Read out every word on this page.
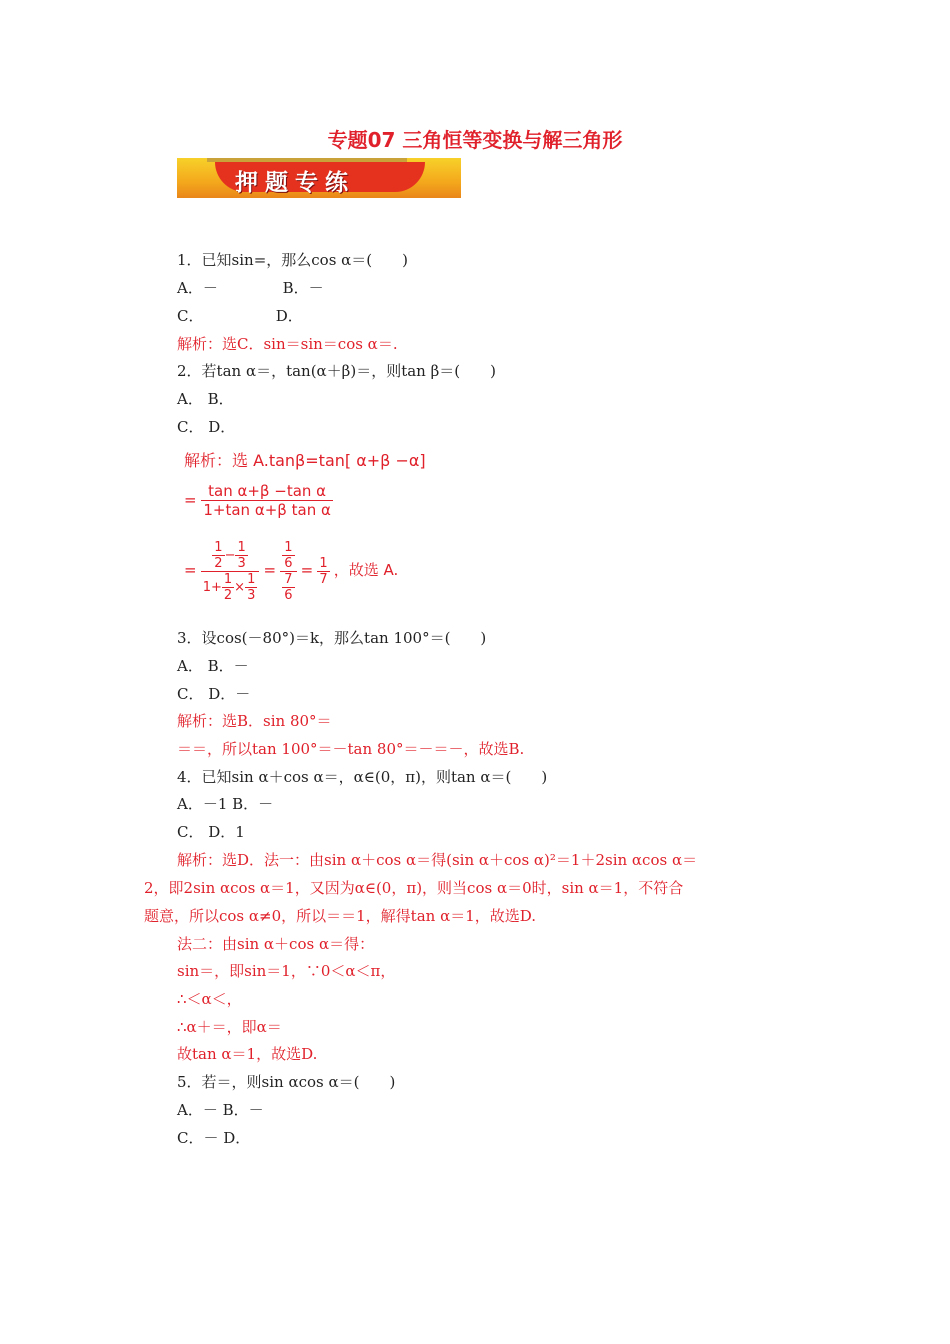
专题07 三角恒等变换与解三角形
押题专练
1．已知sin=，那么cos α＝(　　)
A．－　　　　 B．－
C．　　　　　 D．
解析：选C．sin＝sin＝cos α＝.
2．若tan α＝，tan(α＋β)＝，则tan β＝(　　)
A． B．
C． D．
解析：选 A.tanβ=tan[ α+β −α]
= $\frac{\text{tan α+β −tan α}}{\text{1+tan α+β tan α}}$
= $\frac{\frac{1}{2} - \frac{1}{3}}{1+ \frac{1}{2} \times \frac{1}{3}} = \frac{\frac{1}{6}}{\frac{7}{6}} = \frac{1}{7}$ ，故选 A.
3．设cos(－80°)＝k，那么tan 100°＝(　　)
A． B．－
C． D．－
解析：选B．sin 80°＝
＝＝，所以tan 100°＝－tan 80°＝－＝－，故选B.
4．已知sin α＋cos α＝，α∈(0，π)，则tan α＝(　　)
A．－1 B．－
C． D．1
解析：选D．法一：由sin α＋cos α＝得(sin α＋cos α)²＝1＋2sin αcos α＝
2，即2sin αcos α＝1，又因为α∈(0，π)，则当cos α＝0时，sin α＝1，不符合
题意，所以cos α≠0，所以＝＝1，解得tan α＝1，故选D.
法二：由sin α＋cos α＝得：
sin＝，即sin＝1，∵0＜α＜π，
∴＜α＜，
∴α＋＝，即α＝
故tan α＝1，故选D.
5．若＝，则sin αcos α＝(　　)
A．－ B．－
C．－ D．
